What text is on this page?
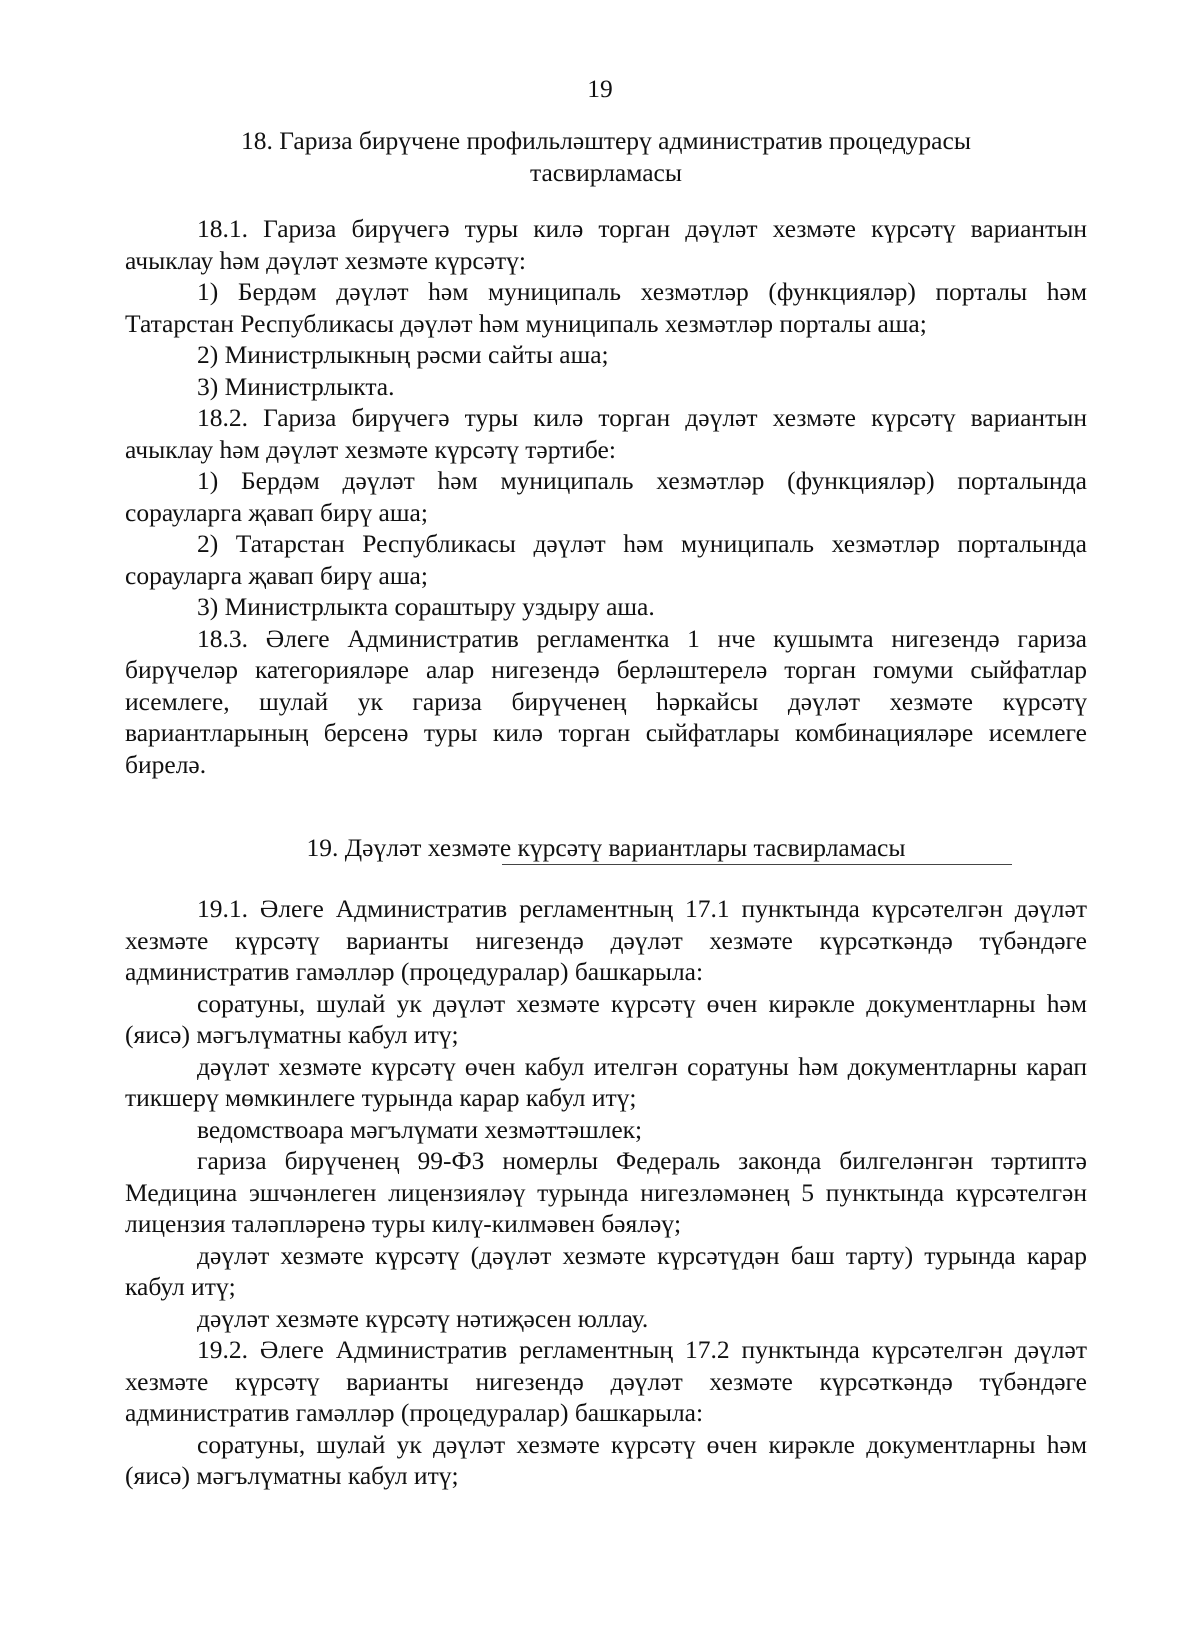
19

18. Гариза бирүчене профильләштерү административ процедурасы

тасвирламасы

18.1. Гариза бирүчегә туры килә торган дәүләт хезмәте күрсәтү вариантын ачыклау һәм дәүләт хезмәте күрсәтү:

1) Бердәм дәүләт һәм муниципаль хезмәтләр (функцияләр) порталы һәм Татарстан Республикасы дәүләт һәм муниципаль хезмәтләр порталы аша;

2) Министрлыкның рәсми сайты аша;

3) Министрлыкта.

18.2. Гариза бирүчегә туры килә торган дәүләт хезмәте күрсәтү вариантын ачыклау һәм дәүләт хезмәте күрсәтү тәртибе:

1) Бердәм дәүләт һәм муниципаль хезмәтләр (функцияләр) порталында сорауларга җавап бирү аша;

2) Татарстан Республикасы дәүләт һәм муниципаль хезмәтләр порталында сорауларга җавап бирү аша;

3) Министрлыкта сораштыру уздыру аша.

18.3. Әлеге Административ регламентка 1 нче кушымта нигезендә гариза бирүчеләр категорияләре алар нигезендә берләштерелә торган гомуми сыйфатлар исемлеге, шулай ук гариза бирүченең һәркайсы дәүләт хезмәте күрсәтү вариантларының берсенә туры килә торган сыйфатлары комбинацияләре исемлеге бирелә.

19. Дәүләт хезмәте күрсәтү вариантлары тасвирламасы

19.1. Әлеге Административ регламентның 17.1 пунктында күрсәтелгән дәүләт хезмәте күрсәтү варианты нигезендә дәүләт хезмәте күрсәткәндә түбәндәге административ гамәлләр (процедуралар) башкарыла:

соратуны, шулай ук дәүләт хезмәте күрсәтү өчен кирәкле документларны һәм (яисә) мәгълүматны кабул итү;

дәүләт хезмәте күрсәтү өчен кабул ителгән соратуны һәм документларны карап тикшерү мөмкинлеге турында карар кабул итү;

ведомствоара мәгълүмати хезмәттәшлек;

гариза бирүченең 99-ФЗ номерлы Федераль законда билгеләнгән тәртиптә Медицина эшчәнлеген лицензияләү турында нигезләмәнең 5 пунктында күрсәтелгән лицензия таләпләренә туры килү-килмәвен бәяләү;

дәүләт хезмәте күрсәтү (дәүләт хезмәте күрсәтүдән баш тарту) турында карар кабул итү;

дәүләт хезмәте күрсәтү нәтиҗәсен юллау.

19.2. Әлеге Административ регламентның 17.2 пунктында күрсәтелгән дәүләт хезмәте күрсәтү варианты нигезендә дәүләт хезмәте күрсәткәндә түбәндәге административ гамәлләр (процедуралар) башкарыла:

соратуны, шулай ук дәүләт хезмәте күрсәтү өчен кирәкле документларны һәм (яисә) мәгълүматны кабул итү;
